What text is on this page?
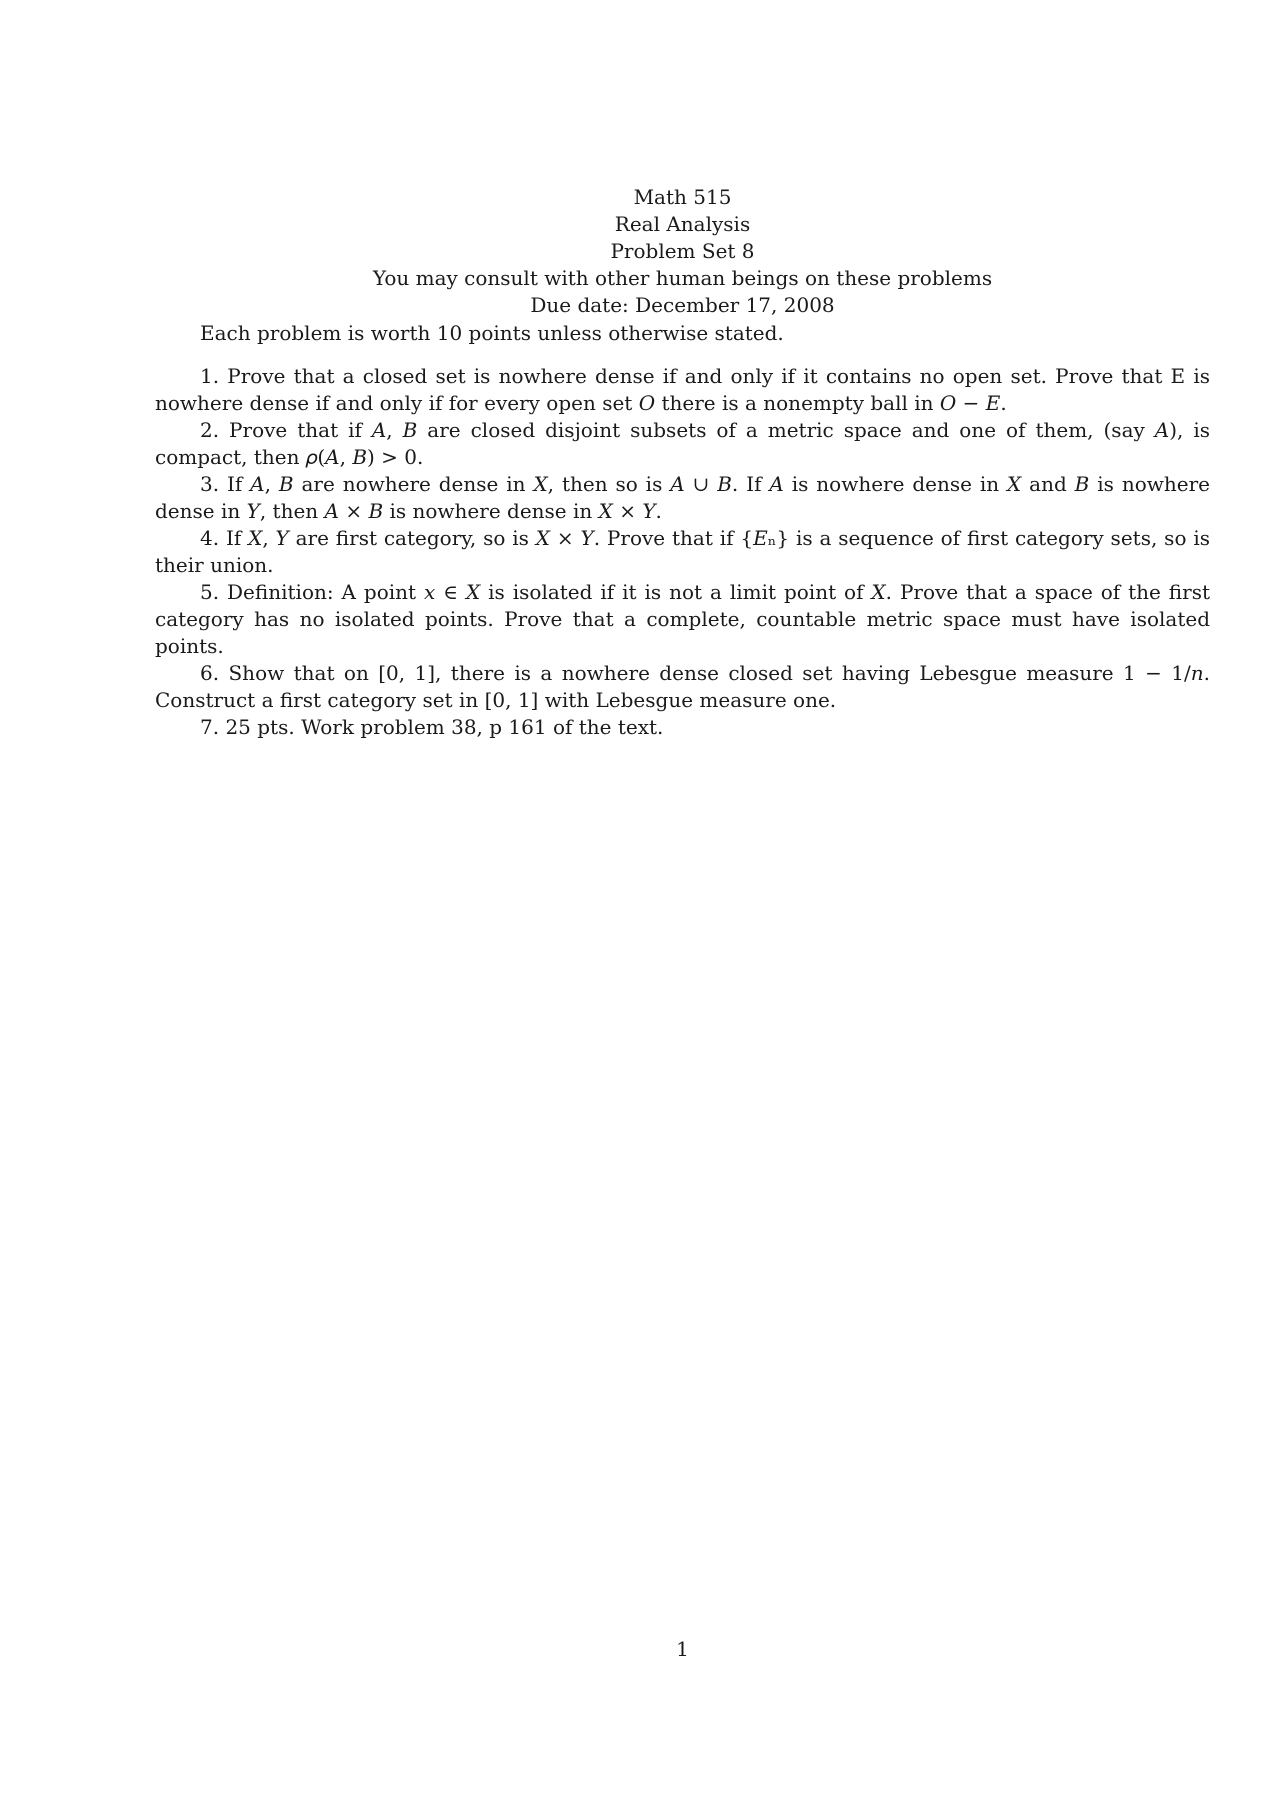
Math 515
Real Analysis
Problem Set 8
You may consult with other human beings on these problems
Due date: December 17, 2008
Each problem is worth 10 points unless otherwise stated.

1. Prove that a closed set is nowhere dense if and only if it contains no open set. Prove that E is nowhere dense if and only if for every open set 𝑂 there is a nonempty ball in 𝑂 − 𝐸.

2. Prove that if 𝐴, 𝐵 are closed disjoint subsets of a metric space and one of them, (say 𝐴), is compact, then 𝜌(𝐴, 𝐵) > 0.

3. If 𝐴, 𝐵 are nowhere dense in 𝑋, then so is 𝐴 ∪ 𝐵. If 𝐴 is nowhere dense in 𝑋 and 𝐵 is nowhere dense in 𝑌, then 𝐴 × 𝐵 is nowhere dense in 𝑋 × 𝑌.

4. If 𝑋, 𝑌 are first category, so is 𝑋 × 𝑌. Prove that if {𝐸ₙ} is a sequence of first category sets, so is their union.

5. Definition: A point 𝑥 ∈ 𝑋 is isolated if it is not a limit point of 𝑋. Prove that a space of the first category has no isolated points. Prove that a complete, countable metric space must have isolated points.

6. Show that on [0, 1], there is a nowhere dense closed set having Lebesgue measure 1 − 1/𝑛. Construct a first category set in [0, 1] with Lebesgue measure one.

7. 25 pts. Work problem 38, p 161 of the text.

1
